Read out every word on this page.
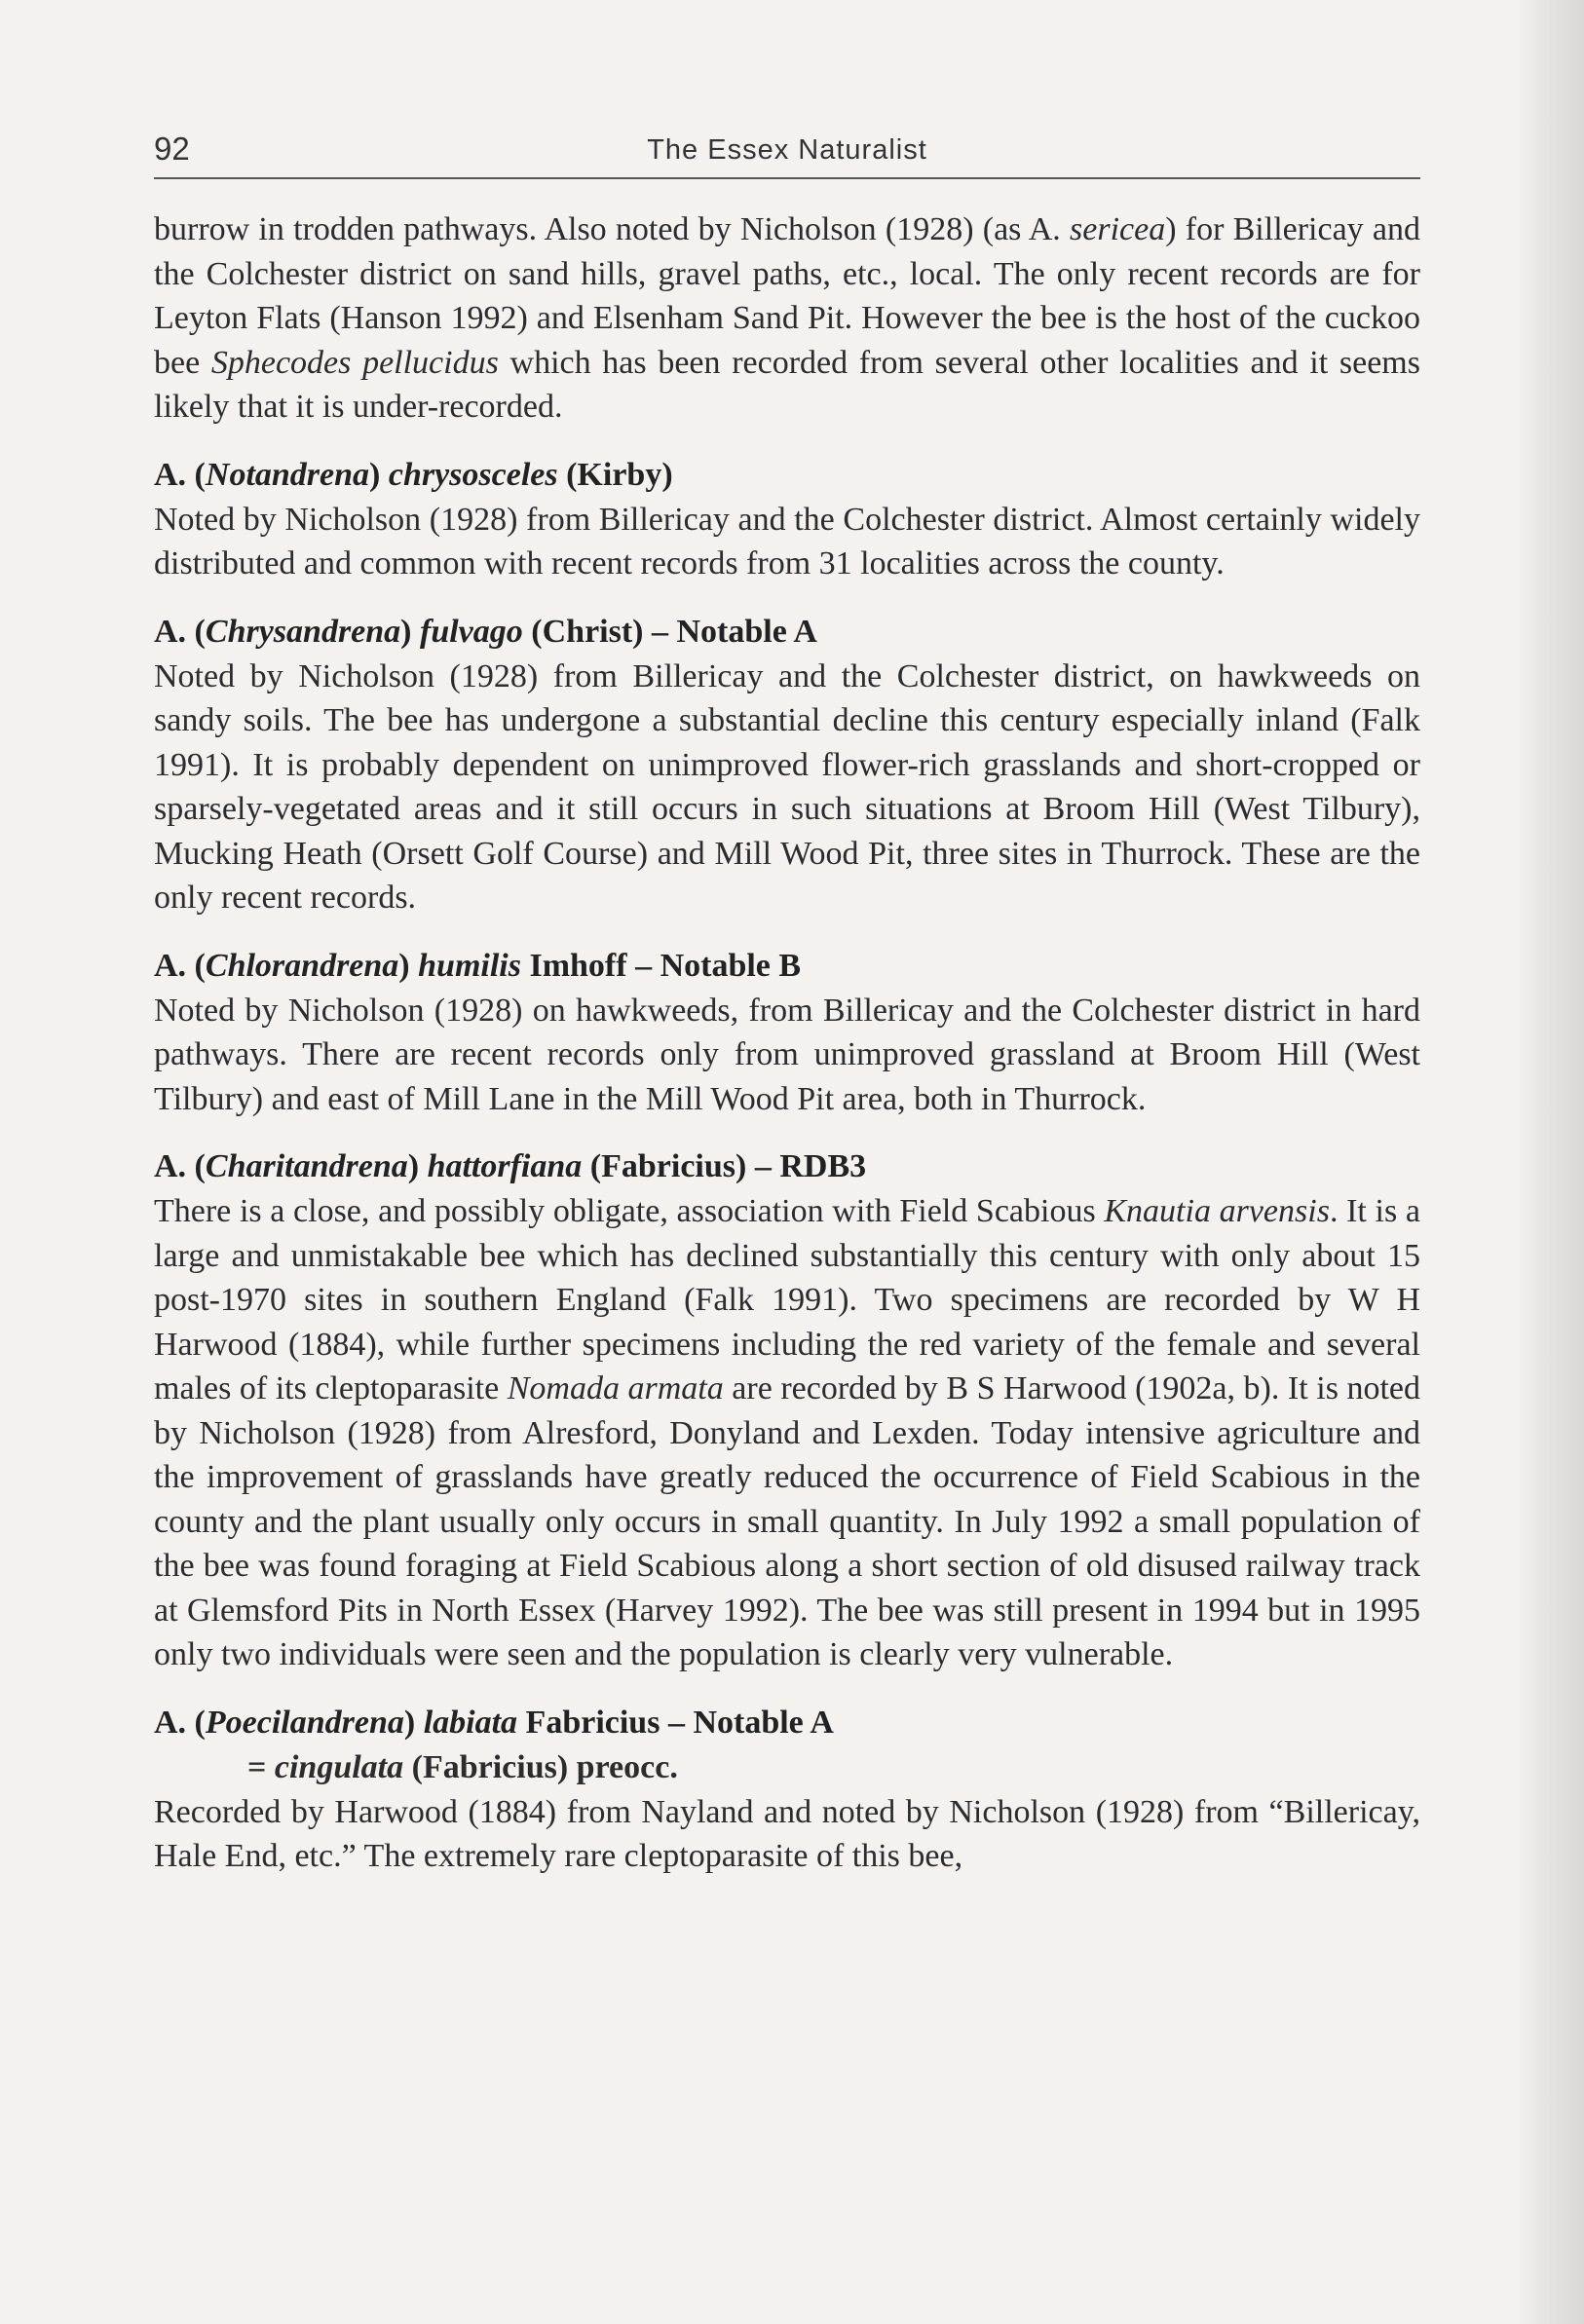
92	The Essex Naturalist

burrow in trodden pathways. Also noted by Nicholson (1928) (as A. sericea) for Billericay and the Colchester district on sand hills, gravel paths, etc., local. The only recent records are for Leyton Flats (Hanson 1992) and Elsenham Sand Pit. However the bee is the host of the cuckoo bee Sphecodes pellucidus which has been recorded from several other localities and it seems likely that it is under-recorded.

A. (Notandrena) chrysosceles (Kirby)

Noted by Nicholson (1928) from Billericay and the Colchester district. Almost certainly widely distributed and common with recent records from 31 localities across the county.

A. (Chrysandrena) fulvago (Christ) – Notable A

Noted by Nicholson (1928) from Billericay and the Colchester district, on hawkweeds on sandy soils. The bee has undergone a substantial decline this century especially inland (Falk 1991). It is probably dependent on unimproved flower-rich grasslands and short-cropped or sparsely-vegetated areas and it still occurs in such situations at Broom Hill (West Tilbury), Mucking Heath (Orsett Golf Course) and Mill Wood Pit, three sites in Thurrock. These are the only recent records.

A. (Chlorandrena) humilis Imhoff – Notable B

Noted by Nicholson (1928) on hawkweeds, from Billericay and the Colchester district in hard pathways. There are recent records only from unimproved grassland at Broom Hill (West Tilbury) and east of Mill Lane in the Mill Wood Pit area, both in Thurrock.

A. (Charitandrena) hattorfiana (Fabricius) – RDB3

There is a close, and possibly obligate, association with Field Scabious Knautia arvensis. It is a large and unmistakable bee which has declined substantially this century with only about 15 post-1970 sites in southern England (Falk 1991). Two specimens are recorded by W H Harwood (1884), while further specimens including the red variety of the female and several males of its cleptoparasite Nomada armata are recorded by B S Harwood (1902a, b). It is noted by Nicholson (1928) from Alresford, Donyland and Lexden. Today intensive agriculture and the improvement of grasslands have greatly reduced the occurrence of Field Scabious in the county and the plant usually only occurs in small quantity. In July 1992 a small population of the bee was found foraging at Field Scabious along a short section of old disused railway track at Glemsford Pits in North Essex (Harvey 1992). The bee was still present in 1994 but in 1995 only two individuals were seen and the population is clearly very vulnerable.

A. (Poecilandrena) labiata Fabricius – Notable A
= cingulata (Fabricius) preocc.

Recorded by Harwood (1884) from Nayland and noted by Nicholson (1928) from “Billericay, Hale End, etc.” The extremely rare cleptoparasite of this bee,
